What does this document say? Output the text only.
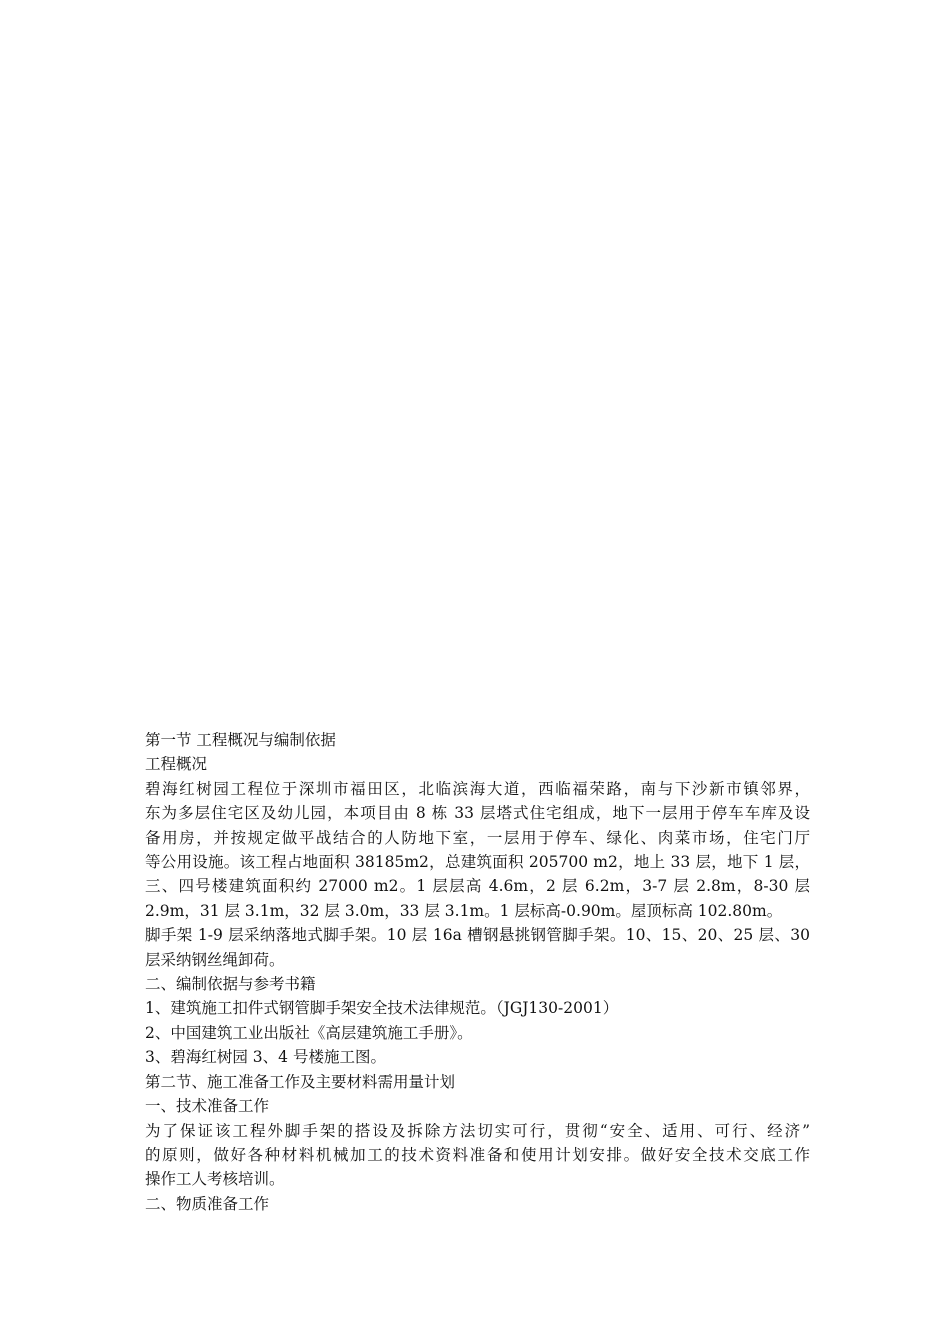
第一节 工程概况与编制依据
工程概况
碧海红树园工程位于深圳市福田区，北临滨海大道，西临福荣路，南与下沙新市镇邻界，
东为多层住宅区及幼儿园，本项目由 8 栋 33 层塔式住宅组成，地下一层用于停车车库及设
备用房，并按规定做平战结合的人防地下室，一层用于停车、绿化、肉菜市场，住宅门厅
等公用设施。该工程占地面积 38185m2，总建筑面积 205700 m2，地上 33 层，地下 1 层，
三、四号楼建筑面积约 27000 m2。1 层层高 4.6m，2 层 6.2m，3-7 层 2.8m，8-30 层
2.9m，31 层 3.1m，32 层 3.0m，33 层 3.1m。1 层标高-0.90m。屋顶标高 102.80m。
脚手架 1-9 层采纳落地式脚手架。10 层 16a 槽钢悬挑钢管脚手架。10、15、20、25 层、30
层采纳钢丝绳卸荷。
二、编制依据与参考书籍
1、建筑施工扣件式钢管脚手架安全技术法律规范。（JGJ130-2001）
2、中国建筑工业出版社《高层建筑施工手册》。
3、碧海红树园 3、4 号楼施工图。
第二节、施工准备工作及主要材料需用量计划
一、技术准备工作
为了保证该工程外脚手架的搭设及拆除方法切实可行，贯彻“安全、适用、可行、经济”
的原则，做好各种材料机械加工的技术资料准备和使用计划安排。做好安全技术交底工作
操作工人考核培训。
二、物质准备工作
